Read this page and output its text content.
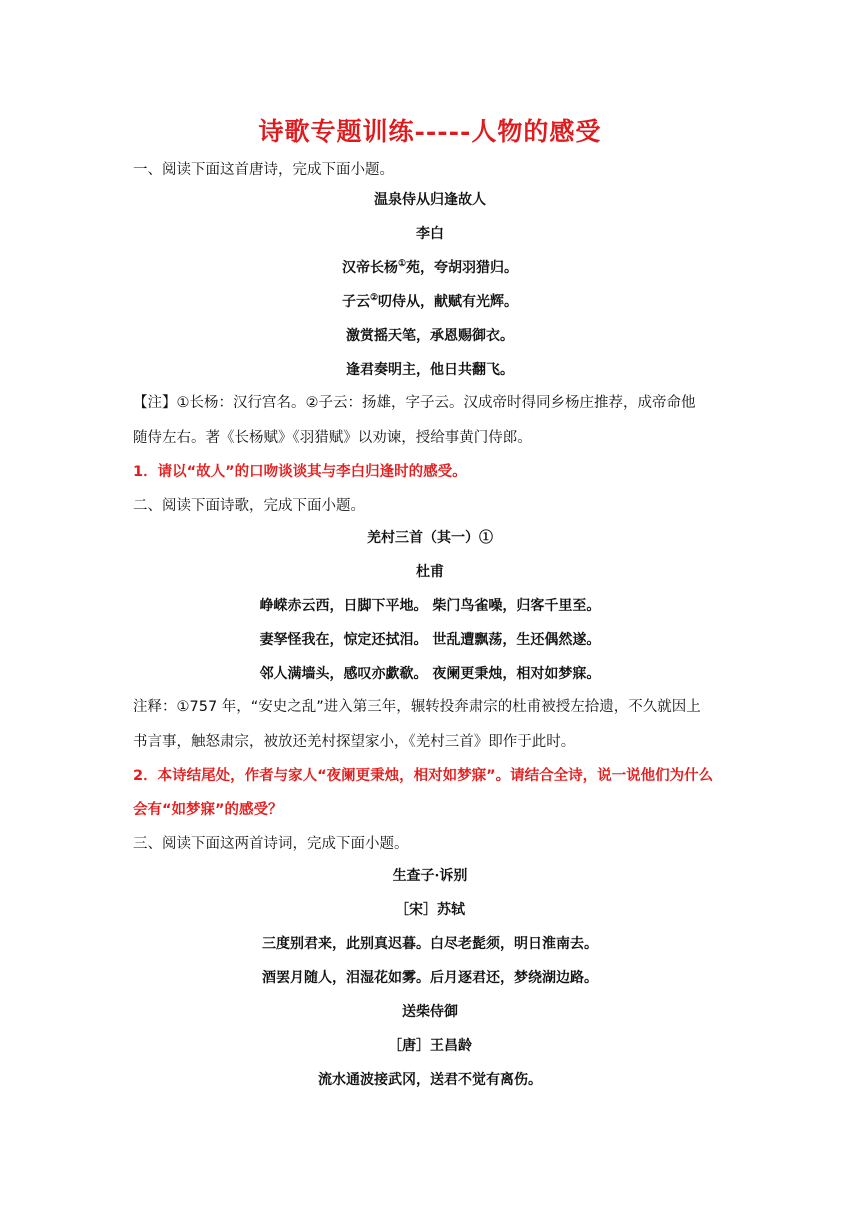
诗歌专题训练-----人物的感受
一、阅读下面这首唐诗，完成下面小题。
温泉侍从归逢故人
李白
汉帝长杨①苑，夸胡羽猎归。
子云②叨侍从，献赋有光辉。
激赏摇天笔，承恩赐御衣。
逢君奏明主，他日共翻飞。
【注】①长杨：汉行宫名。②子云：扬雄，字子云。汉成帝时得同乡杨庄推荐，成帝命他
随侍左右。著《长杨赋》《羽猎赋》以劝谏，授给事黄门侍郎。
1．请以“故人”的口吻谈谈其与李白归逢时的感受。
二、阅读下面诗歌，完成下面小题。
羌村三首（其一）①
杜甫
峥嵘赤云西，日脚下平地。 柴门鸟雀噪，归客千里至。
妻孥怪我在，惊定还拭泪。 世乱遭飘荡，生还偶然遂。
邻人满墙头，感叹亦歔欷。 夜阑更秉烛，相对如梦寐。
注释：①757 年，“安史之乱”进入第三年，辗转投奔肃宗的杜甫被授左拾遗，不久就因上
书言事，触怒肃宗，被放还羌村探望家小，《羌村三首》即作于此时。
2．本诗结尾处，作者与家人“夜阑更秉烛，相对如梦寐”。请结合全诗，说一说他们为什么
会有“如梦寐”的感受？
三、阅读下面这两首诗词，完成下面小题。
生查子·诉别
［宋］苏轼
三度别君来，此别真迟暮。白尽老髭须，明日淮南去。
酒罢月随人，泪湿花如雾。后月逐君还，梦绕湖边路。
送柴侍御
［唐］王昌龄
流水通波接武冈，送君不觉有离伤。
